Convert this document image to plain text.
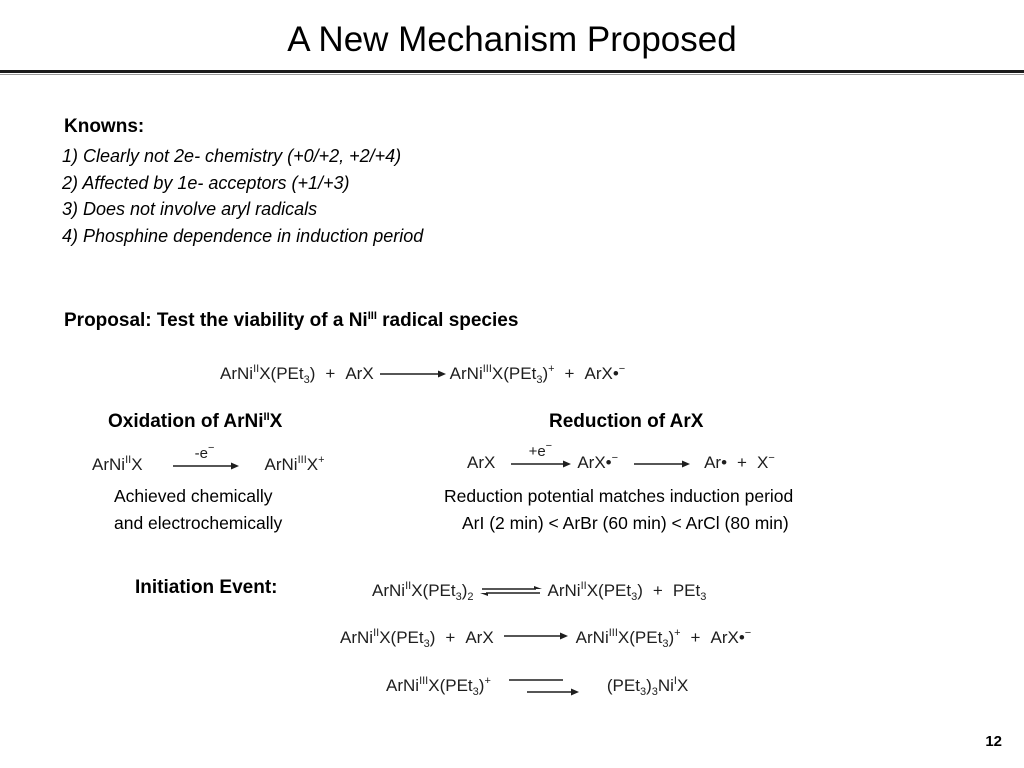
A New Mechanism Proposed
Knowns:
1) Clearly not 2e- chemistry (+0/+2, +2/+4)
2) Affected by 1e- acceptors (+1/+3)
3) Does not involve aryl radicals
4) Phosphine dependence in induction period
Proposal: Test the viability of a $Ni^{III}$ radical species
ArNi$^{II}$X(PEt$_3$) + ArX → ArNi$^{III}$X(PEt$_3$)+ + ArX•−
Oxidation of ArNi$^{II}$X
ArNi$^{II}$X
-e−
ArNi$^{III}$X+
Achieved chemically
and electrochemically
Reduction of ArX
ArX
+e−
ArX•−	Ar• + X−
Reduction potential matches induction period
ArI (2 min) < ArBr (60 min) < ArCl (80 min)
Initiation Event:	$ArNi^{II}X(PEt_3)_2$ ⇌ ArNi$^{II}$X(PEt$_3$) + PEt$_3$
ArNi$^{II}$X(PEt$_3$) + ArX	ArNi$^{III}$X(PEt$_3$)+ + ArX•−
ArNi$^{III}$X(PEt$_3$)+	$(PEt_3)_3Ni^IX$
12
